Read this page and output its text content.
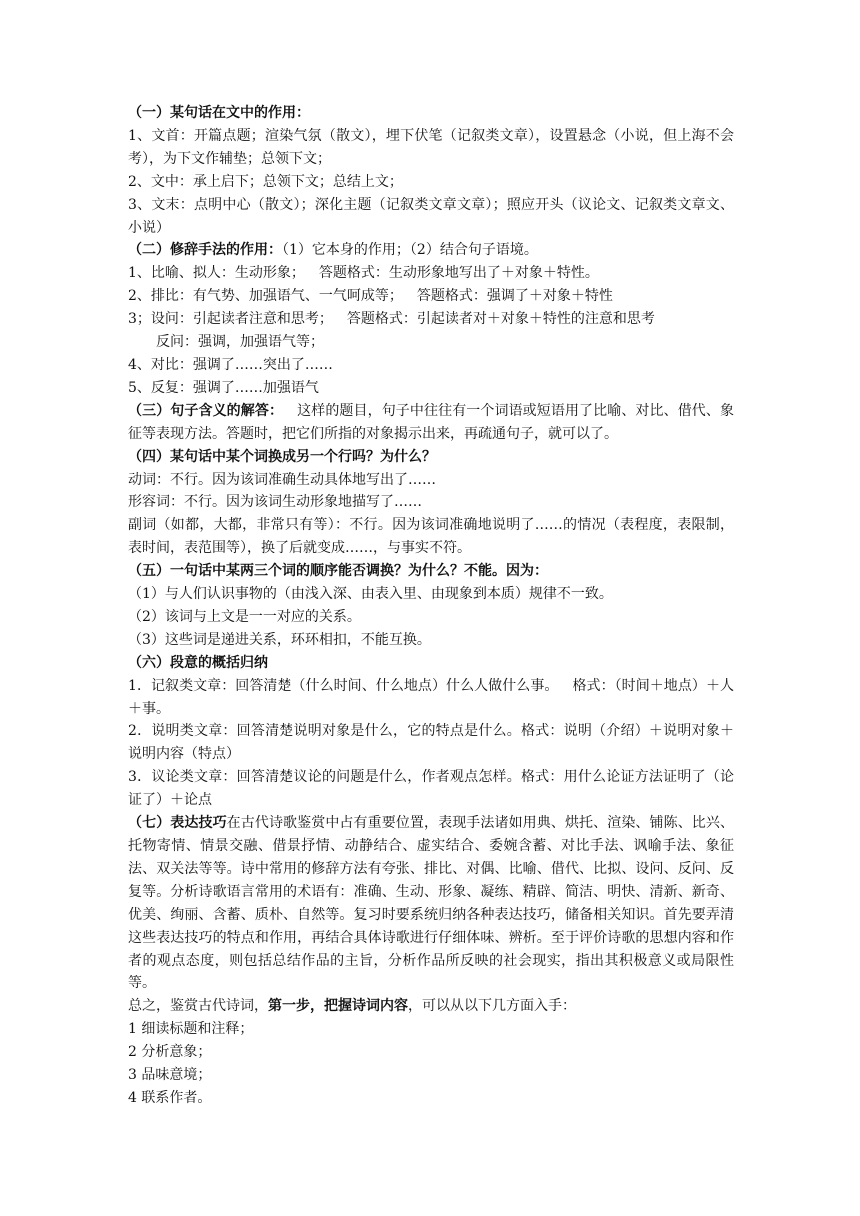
（一）某句话在文中的作用：
1、文首：开篇点题；渲染气氛（散文），埋下伏笔（记叙类文章），设置悬念（小说，但上海不会考），为下文作辅垫；总领下文；
2、文中：承上启下；总领下文；总结上文；
3、文末：点明中心（散文）；深化主题（记叙类文章文章）；照应开头（议论文、记叙类文章文、小说）
（二）修辞手法的作用：（1）它本身的作用；（2）结合句子语境。
1、比喻、拟人：生动形象； 答题格式：生动形象地写出了＋对象＋特性。
2、排比：有气势、加强语气、一气呵成等； 答题格式：强调了＋对象＋特性
3；设问：引起读者注意和思考； 答题格式：引起读者对＋对象＋特性的注意和思考
反问：强调，加强语气等；
4、对比：强调了……突出了……
5、反复：强调了……加强语气
（三）句子含义的解答： 这样的题目，句子中往往有一个词语或短语用了比喻、对比、借代、象征等表现方法。答题时，把它们所指的对象揭示出来，再疏通句子，就可以了。
（四）某句话中某个词换成另一个行吗？为什么？
动词：不行。因为该词准确生动具体地写出了……
形容词：不行。因为该词生动形象地描写了……
副词（如都，大都，非常只有等）：不行。因为该词准确地说明了……的情况（表程度，表限制，表时间，表范围等），换了后就变成……，与事实不符。
（五）一句话中某两三个词的顺序能否调换？为什么？不能。因为：
（1）与人们认识事物的（由浅入深、由表入里、由现象到本质）规律不一致。
（2）该词与上文是一一对应的关系。
（3）这些词是递进关系，环环相扣，不能互换。
（六）段意的概括归纳
1．记叙类文章：回答清楚（什么时间、什么地点）什么人做什么事。 格式：（时间＋地点）＋人＋事。
2．说明类文章：回答清楚说明对象是什么，它的特点是什么。格式：说明（介绍）＋说明对象＋说明内容（特点）
3．议论类文章：回答清楚议论的问题是什么，作者观点怎样。格式：用什么论证方法证明了（论证了）＋论点
（七）表达技巧在古代诗歌鉴赏中占有重要位置，表现手法诸如用典、烘托、渲染、铺陈、比兴、托物寄情、情景交融、借景抒情、动静结合、虚实结合、委婉含蓄、对比手法、讽喻手法、象征法、双关法等等。诗中常用的修辞方法有夸张、排比、对偶、比喻、借代、比拟、设问、反问、反复等。分析诗歌语言常用的术语有：准确、生动、形象、凝练、精辟、简洁、明快、清新、新奇、优美、绚丽、含蓄、质朴、自然等。复习时要系统归纳各种表达技巧，储备相关知识。首先要弄清这些表达技巧的特点和作用，再结合具体诗歌进行仔细体味、辨析。至于评价诗歌的思想内容和作者的观点态度，则包括总结作品的主旨，分析作品所反映的社会现实，指出其积极意义或局限性等。
总之，鉴赏古代诗词，第一步，把握诗词内容，可以从以下几方面入手：
1 细读标题和注释；
2 分析意象；
3 品味意境；
4 联系作者。
